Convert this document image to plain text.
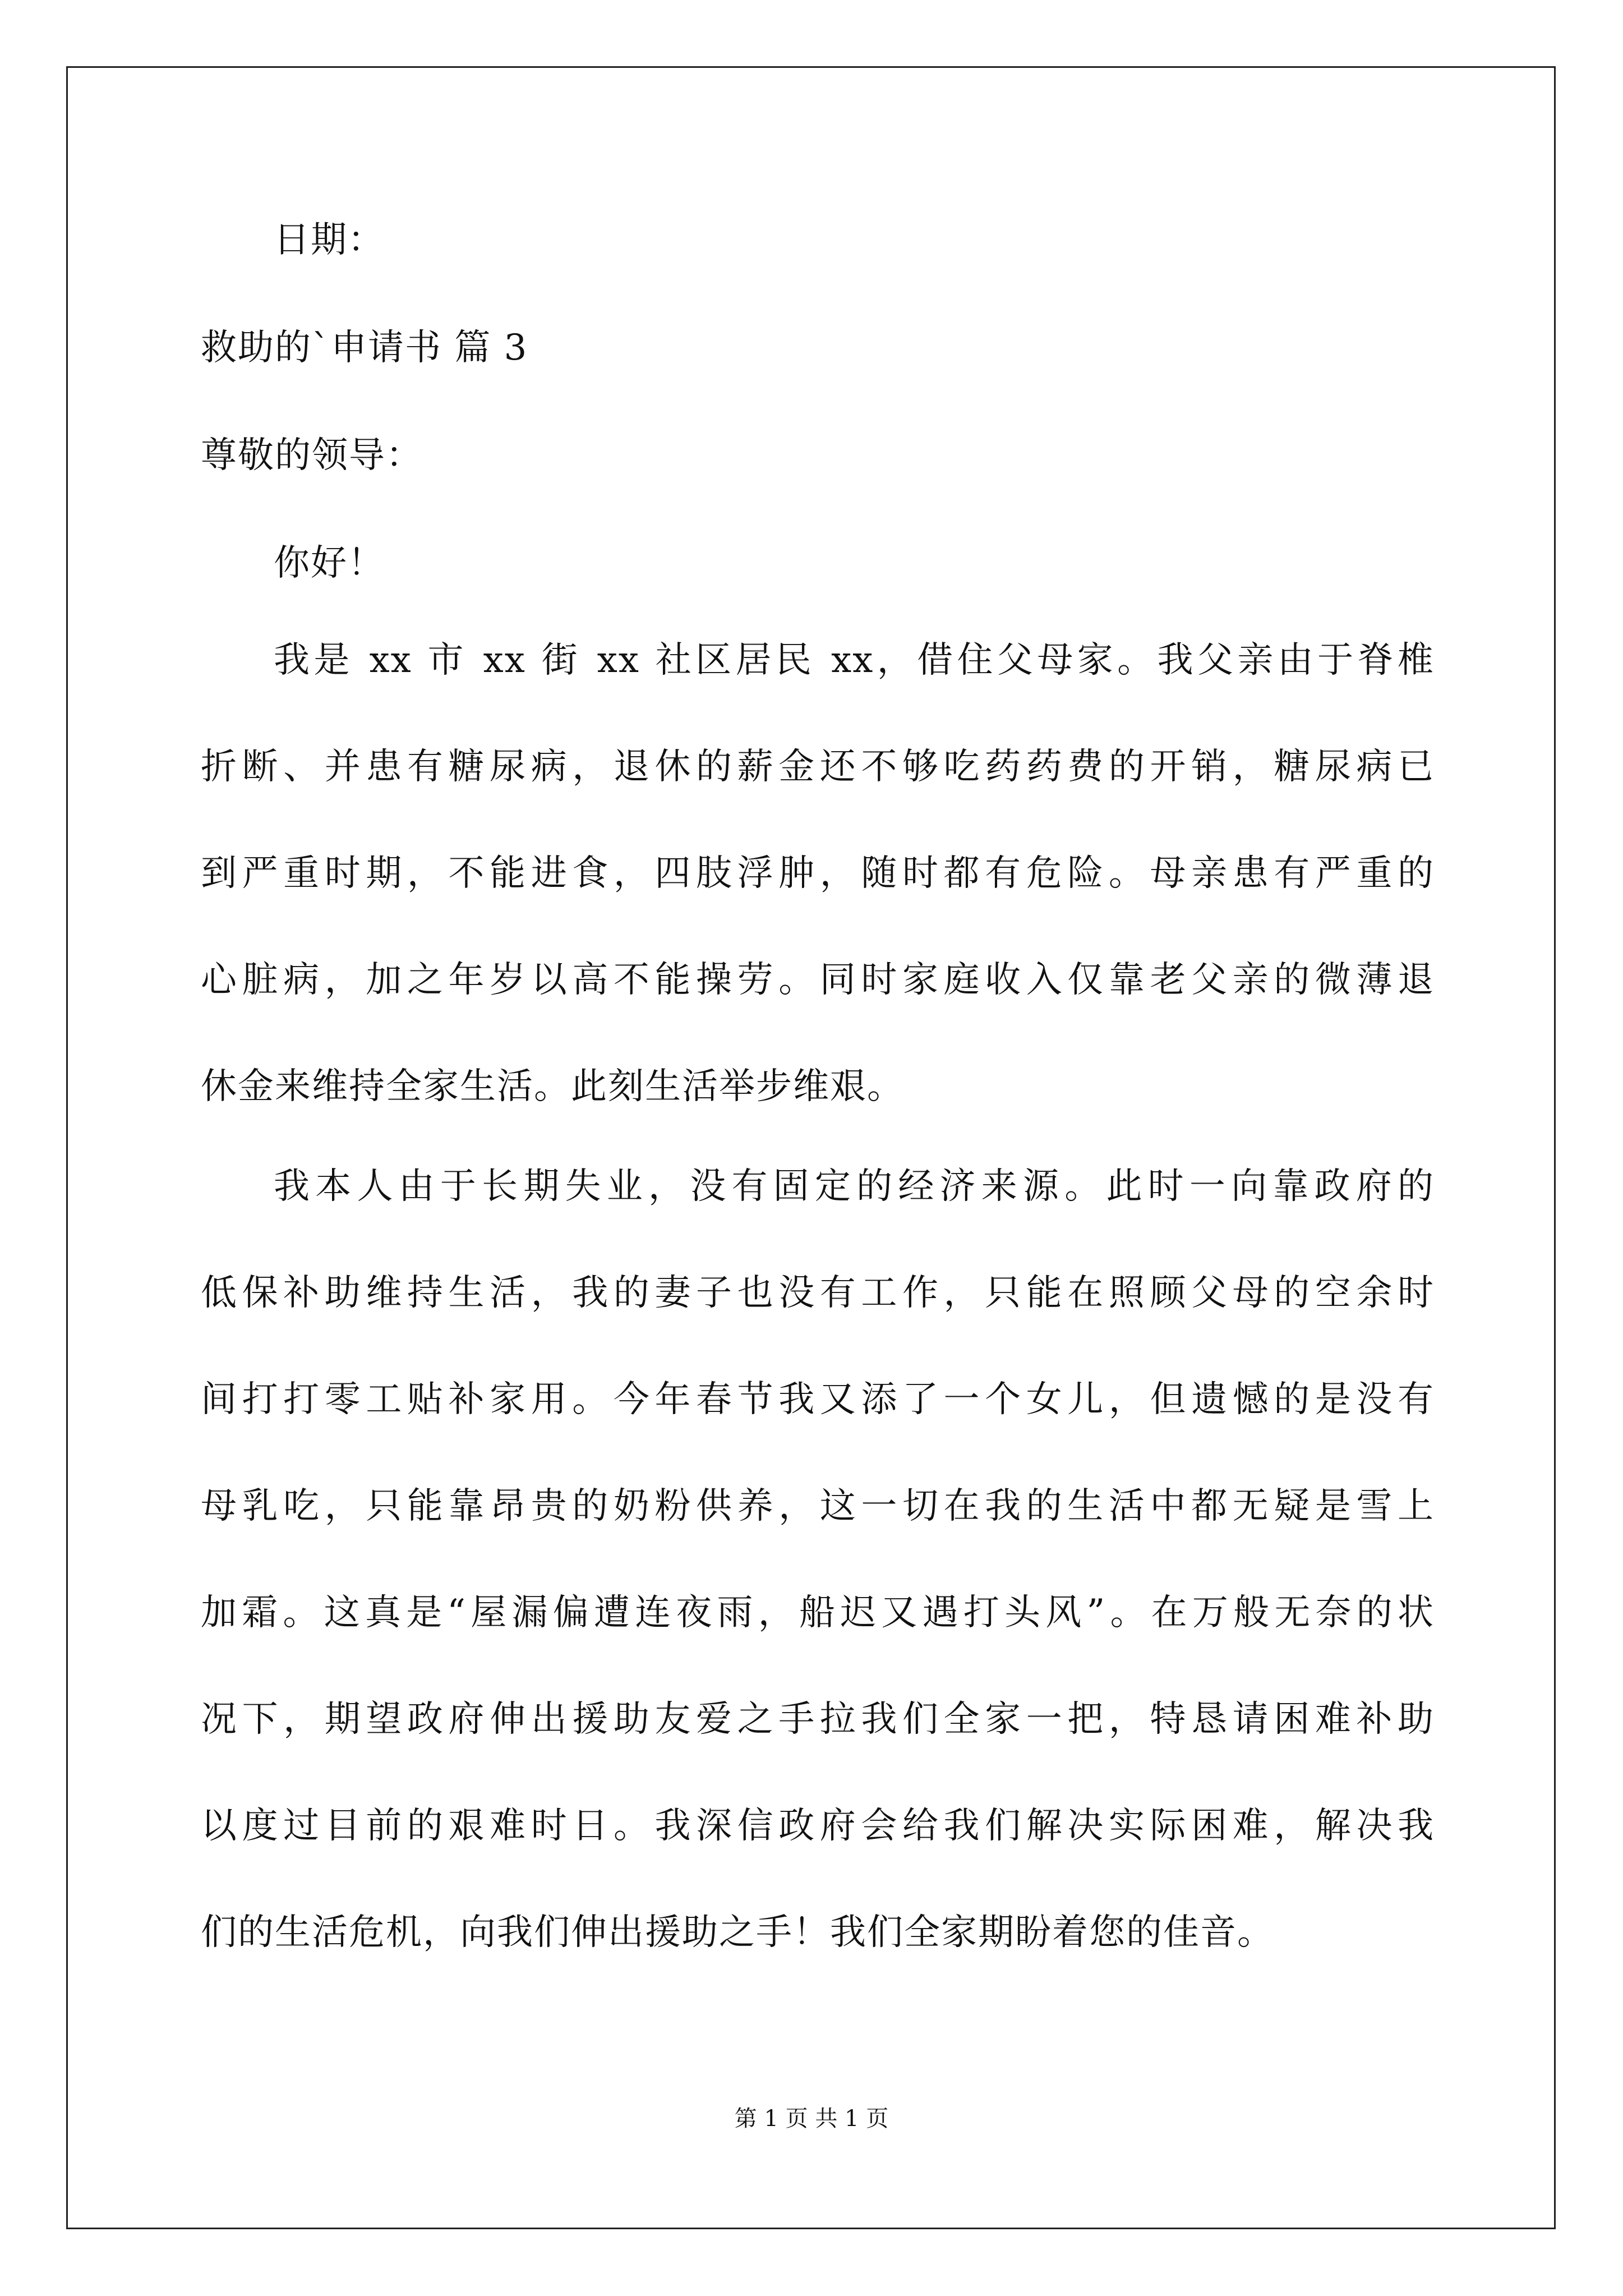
日期：
救助的`申请书 篇 3
尊敬的领导：
你好！
我是 xx 市 xx 街 xx 社区居民 xx，借住父母家。我父亲由于脊椎
折断、并患有糖尿病，退休的薪金还不够吃药药费的开销，糖尿病已
到严重时期，不能进食，四肢浮肿，随时都有危险。母亲患有严重的
心脏病，加之年岁以高不能操劳。同时家庭收入仅靠老父亲的微薄退
休金来维持全家生活。此刻生活举步维艰。
我本人由于长期失业，没有固定的经济来源。此时一向靠政府的
低保补助维持生活，我的妻子也没有工作，只能在照顾父母的空余时
间打打零工贴补家用。今年春节我又添了一个女儿，但遗憾的是没有
母乳吃，只能靠昂贵的奶粉供养，这一切在我的生活中都无疑是雪上
加霜。这真是“屋漏偏遭连夜雨，船迟又遇打头风”。在万般无奈的状
况下，期望政府伸出援助友爱之手拉我们全家一把，特恳请困难补助
以度过目前的艰难时日。我深信政府会给我们解决实际困难，解决我
们的生活危机，向我们伸出援助之手！我们全家期盼着您的佳音。
第 1 页 共 1 页
